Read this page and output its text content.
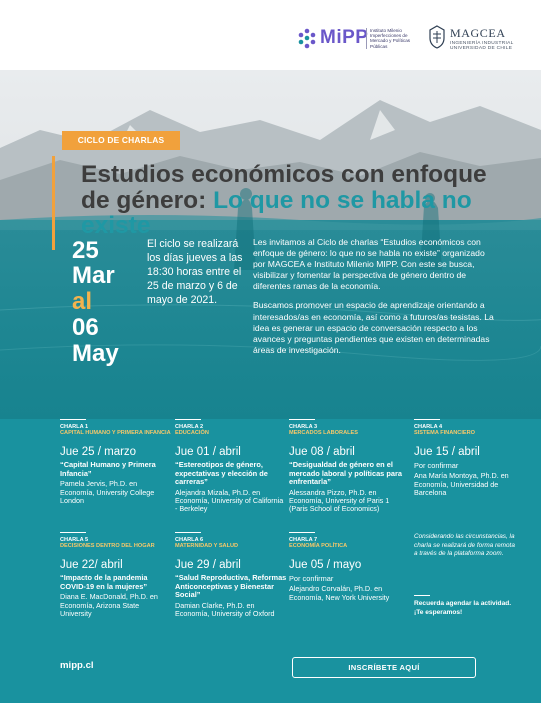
MiPP Instituto Milenio Imperfecciones de Mercado y Políticas Públicas
MAGCEA
INGENIERÍA INDUSTRIAL UNIVERSIDAD DE CHILE
CICLO DE CHARLAS
Estudios económicos con enfoque de género: Lo que no se habla no existe
25
Mar
al
06
May
El ciclo se realizará los días jueves a las 18:30 horas entre el 25 de marzo y 6 de mayo de 2021.

Les invitamos al Ciclo de charlas “Estudios económicos con enfoque de género: lo que no se habla no existe” organizado por MAGCEA e Instituto Milenio MIPP. Con este se busca, visibilizar y fomentar la perspectiva de género dentro de diferentes ramas de la economía.

Buscamos promover un espacio de aprendizaje orientando a interesados/as en economía, así como a futuros/as tesistas. La idea es generar un espacio de conversación respecto a los avances y preguntas pendientes que existen en determinadas áreas de investigación.

CHARLA 1
CAPITAL HUMANO Y PRIMERA INFANCIA
Jue 25 / marzo
“Capital Humano y Primera Infancia”
Pamela Jervis, Ph.D. en Economía, University College London
CHARLA 2
EDUCACIÓN
Jue 01 / abril
“Estereotipos de género, expectativas y elección de carreras”
Alejandra Mizala, Ph.D. en Economía, University of California - Berkeley
CHARLA 3
MERCADOS LABORALES
Jue 08 / abril
“Desigualdad de género en el mercado laboral y políticas para enfrentarla”
Alessandra Pizzo, Ph.D. en Economía, University of Paris 1 (Paris School of Economics)
CHARLA 4
SISTEMA FINANCIERO
Jue 15 / abril
Por confirmar
Ana María Montoya, Ph.D. en Economía, Universidad de Barcelona
CHARLA 5
DECISIONES DENTRO DEL HOGAR
Jue 22/ abril
“Impacto de la pandemia COVID-19 en la mujeres”
Diana E. MacDonald, Ph.D. en Economía, Arizona State University
CHARLA 6
MATERNIDAD Y SALUD
Jue 29 / abril
“Salud Reproductiva, Reformas Anticonceptivas y Bienestar Social”
Damian Clarke, Ph.D. en Economía, University of Oxford
CHARLA 7
ECONOMÍA POLÍTICA
Jue 05 / mayo
Por confirmar
Alejandro Corvalán, Ph.D. en Economía, New York University
Considerando las circunstancias, la charla se realizará de forma remota a través de la plataforma zoom.
Recuerda agendar la actividad.
¡Te esperamos!
mipp.cl	INSCRÍBETE AQUÍ
